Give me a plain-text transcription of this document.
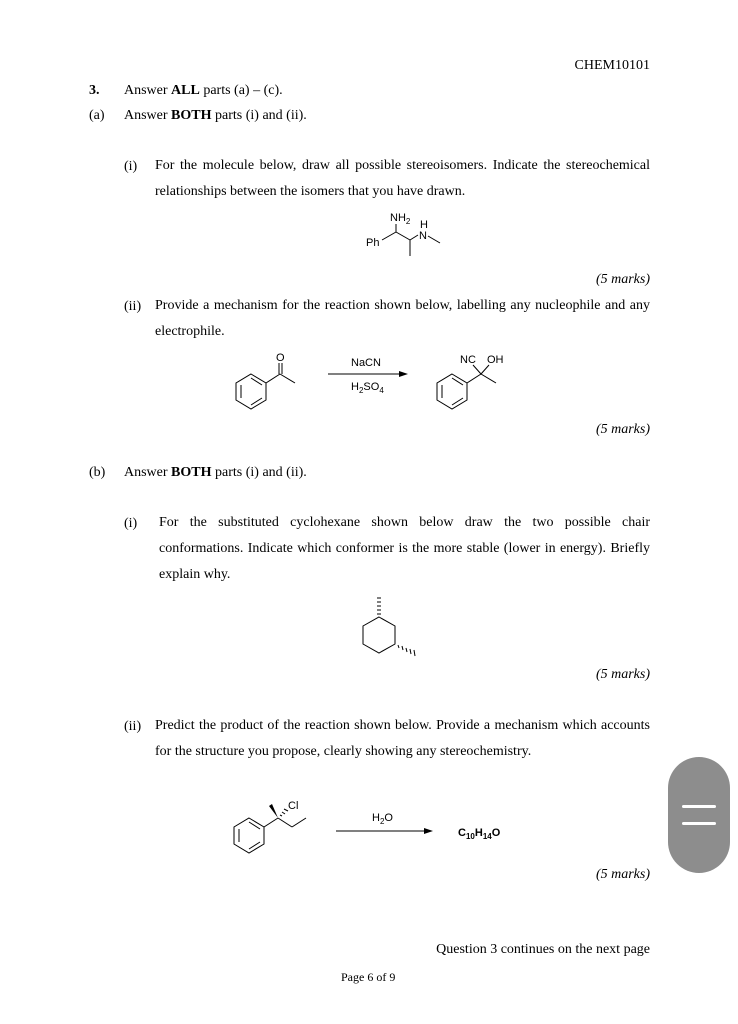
CHEM10101
3. Answer ALL parts (a) – (c).
(a) Answer BOTH parts (i) and (ii).
(i) For the molecule below, draw all possible stereoisomers. Indicate the stereochemical relationships between the isomers that you have drawn.
$NH_2$ H
N
Ph
(5 marks)
(ii) Provide a mechanism for the reaction shown below, labelling any nucleophile and any electrophile.
O	NaCN
$H_2SO_4$
NC OH
(5 marks)
(b) Answer BOTH parts (i) and (ii).
(i) For the substituted cyclohexane shown below draw the two possible chair conformations. Indicate which conformer is the more stable (lower in energy). Briefly explain why.
(5 marks)
(ii) Predict the product of the reaction shown below. Provide a mechanism which accounts for the structure you propose, clearly showing any stereochemistry.
Cl
$H_2O$
$C_{10}H_{14}O$
(5 marks)
Question 3 continues on the next page
Page 6 of 9
